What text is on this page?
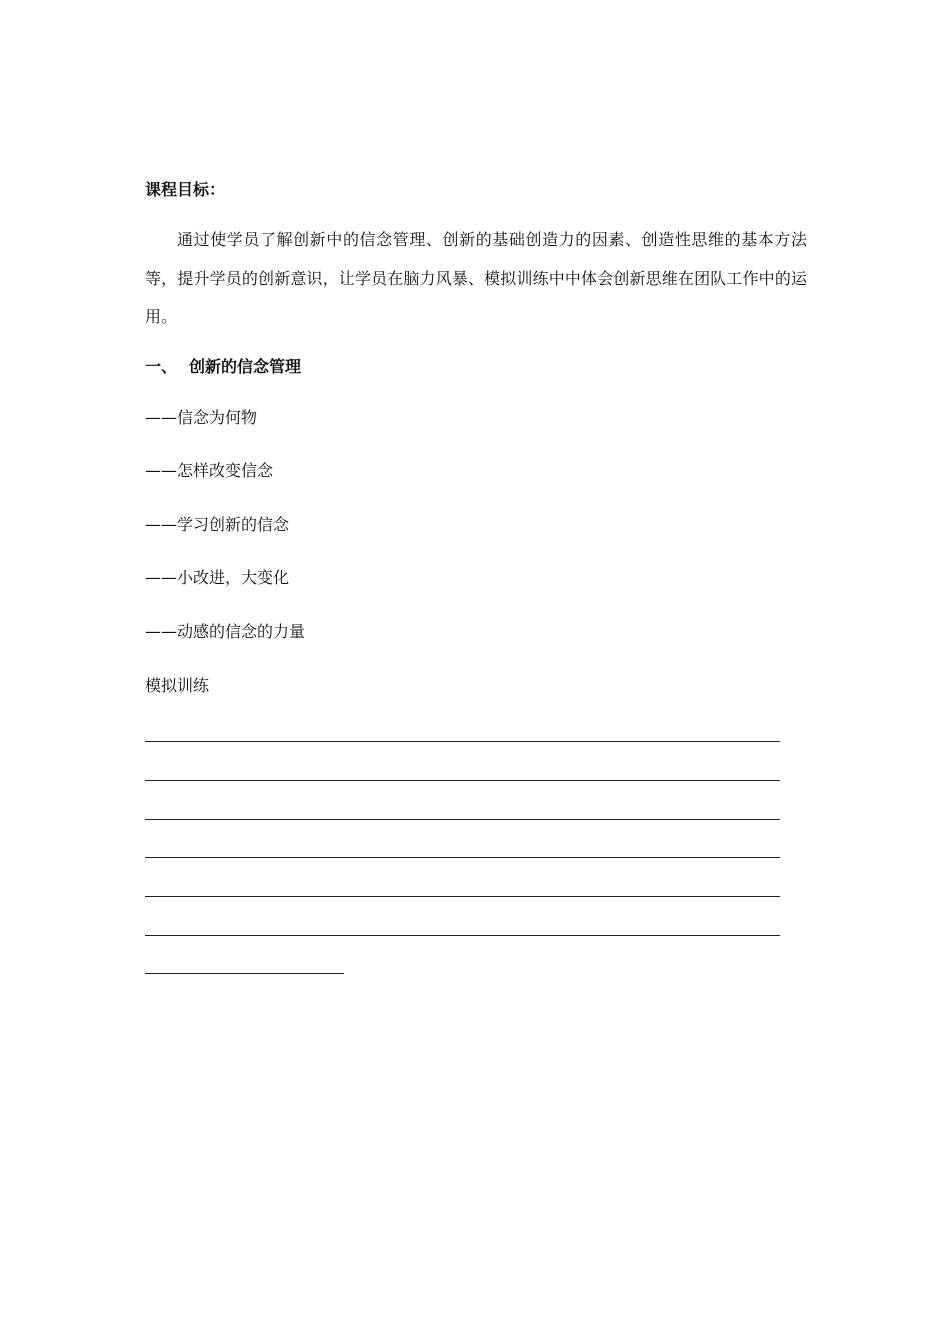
课程目标：
通过使学员了解创新中的信念管理、创新的基础创造力的因素、创造性思维的基本方法等，提升学员的创新意识，让学员在脑力风暴、模拟训练中中体会创新思维在团队工作中的运用。
一、 创新的信念管理
——信念为何物
——怎样改变信念
——学习创新的信念
——小改进，大变化
——动感的信念的力量
模拟训练
